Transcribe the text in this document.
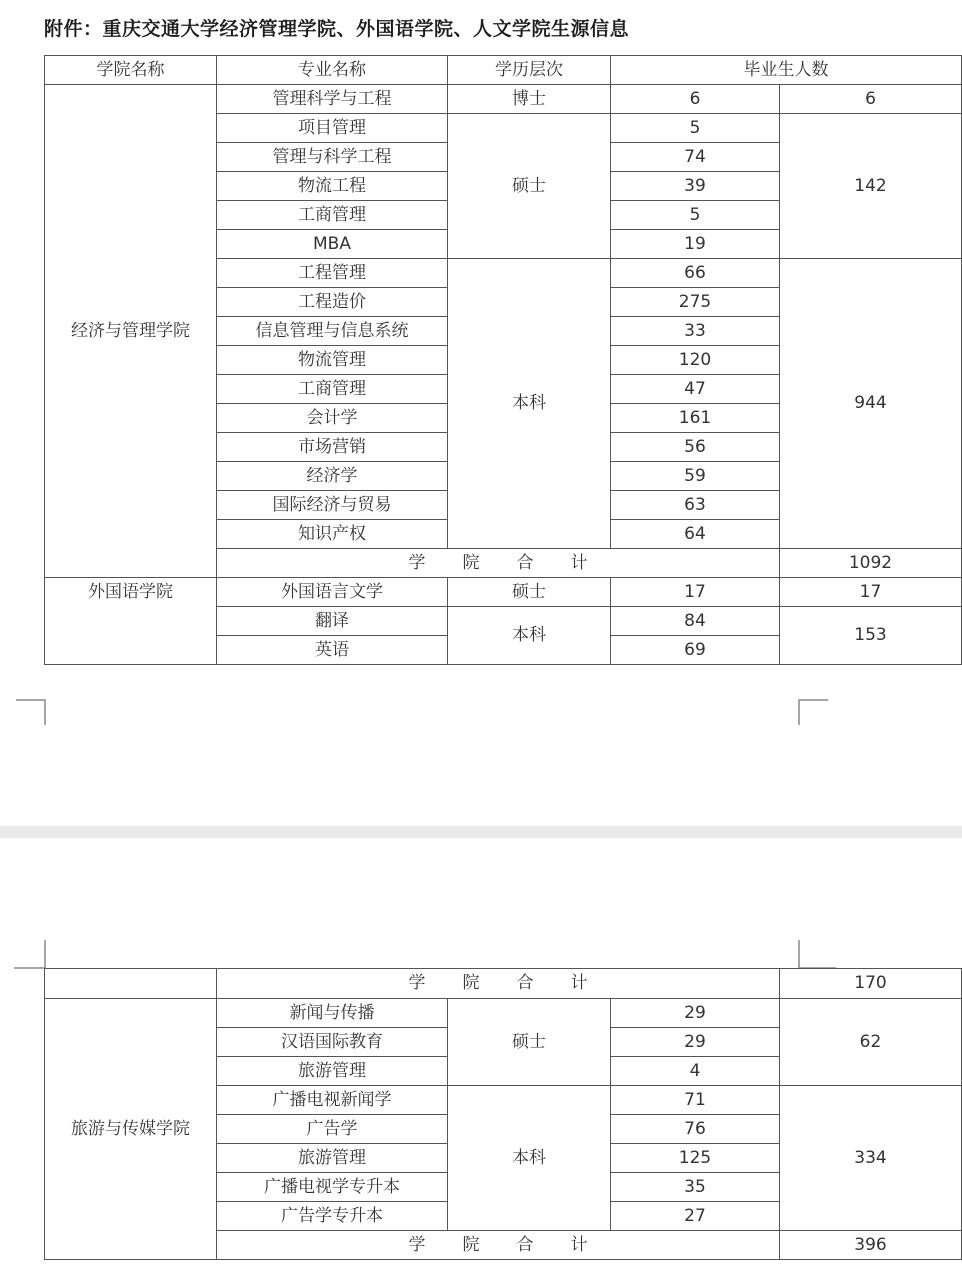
附件：重庆交通大学经济管理学院、外国语学院、人文学院生源信息
学院名称	专业名称	学历层次	毕业生人数	
经济与管理学院	管理科学与工程	博士	6	6
	项目管理	硕士	5	142
	管理与科学工程		74	
	物流工程		39	
	工商管理		5	
	MBA		19	
	工程管理	本科	66	944
	工程造价		275	
	信息管理与信息系统		33	
	物流管理		120	
	工商管理		47	
	会计学		161	
	市场营销		56	
	经济学		59	
	国际经济与贸易		63	
	知识产权		64	
	学 院 合 计			1092
外国语学院	外国语言文学	硕士	17	17
	翻译	本科	84	153
	英语		69	
	学 院 合 计			170
旅游与传媒学院	新闻与传播	硕士	29	62
	汉语国际教育		29	
	旅游管理		4	
	广播电视新闻学	本科	71	334
	广告学		76	
	旅游管理		125	
	广播电视学专升本		35	
	广告学专升本		27	
	学 院 合 计			396
